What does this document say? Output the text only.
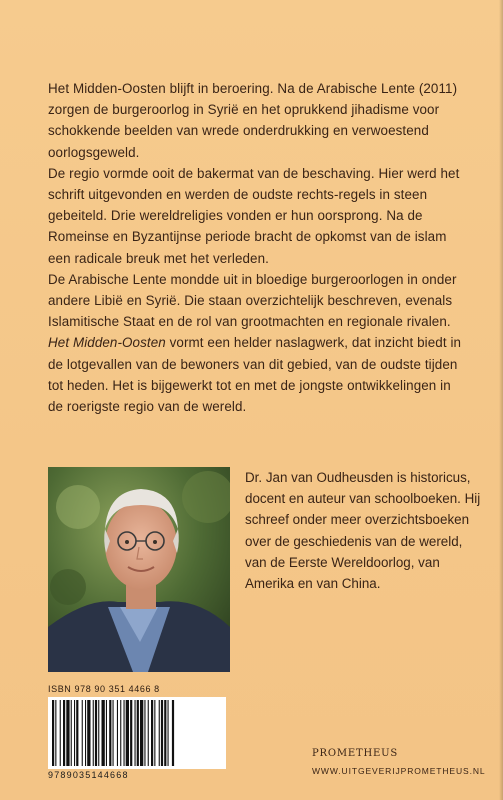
Het Midden-Oosten blijft in beroering. Na de Arabische Lente (2011) zorgen de burgeroorlog in Syrië en het oprukkend jihadisme voor schokkende beelden van wrede onderdrukking en verwoestend oorlogsgeweld.

De regio vormde ooit de bakermat van de beschaving. Hier werd het schrift uitgevonden en werden de oudste rechts-regels in steen gebeiteld. Drie wereldreligies vonden er hun oorsprong. Na de Romeinse en Byzantijnse periode bracht de opkomst van de islam een radicale breuk met het verleden.

De Arabische Lente mondde uit in bloedige burgeroorlogen in onder andere Libië en Syrië. Die staan overzichtelijk beschreven, evenals Islamitische Staat en de rol van grootmachten en regionale rivalen.

Het Midden-Oosten vormt een helder naslagwerk, dat inzicht biedt in de lotgevallen van de bewoners van dit gebied, van de oudste tijden tot heden. Het is bijgewerkt tot en met de jongste ontwikkelingen in de roerigste regio van de wereld.

Dr. Jan van Oudheusden is historicus, docent en auteur van schoolboeken. Hij schreef onder meer overzichtsboeken over de geschiedenis van de wereld, van de Eerste Wereldoorlog, van Amerika en van China.
ISBN 978 90 351 4466 8
9789035144668
PROMETHEUS
WWW.UITGEVERIJPROMETHEUS.NL
